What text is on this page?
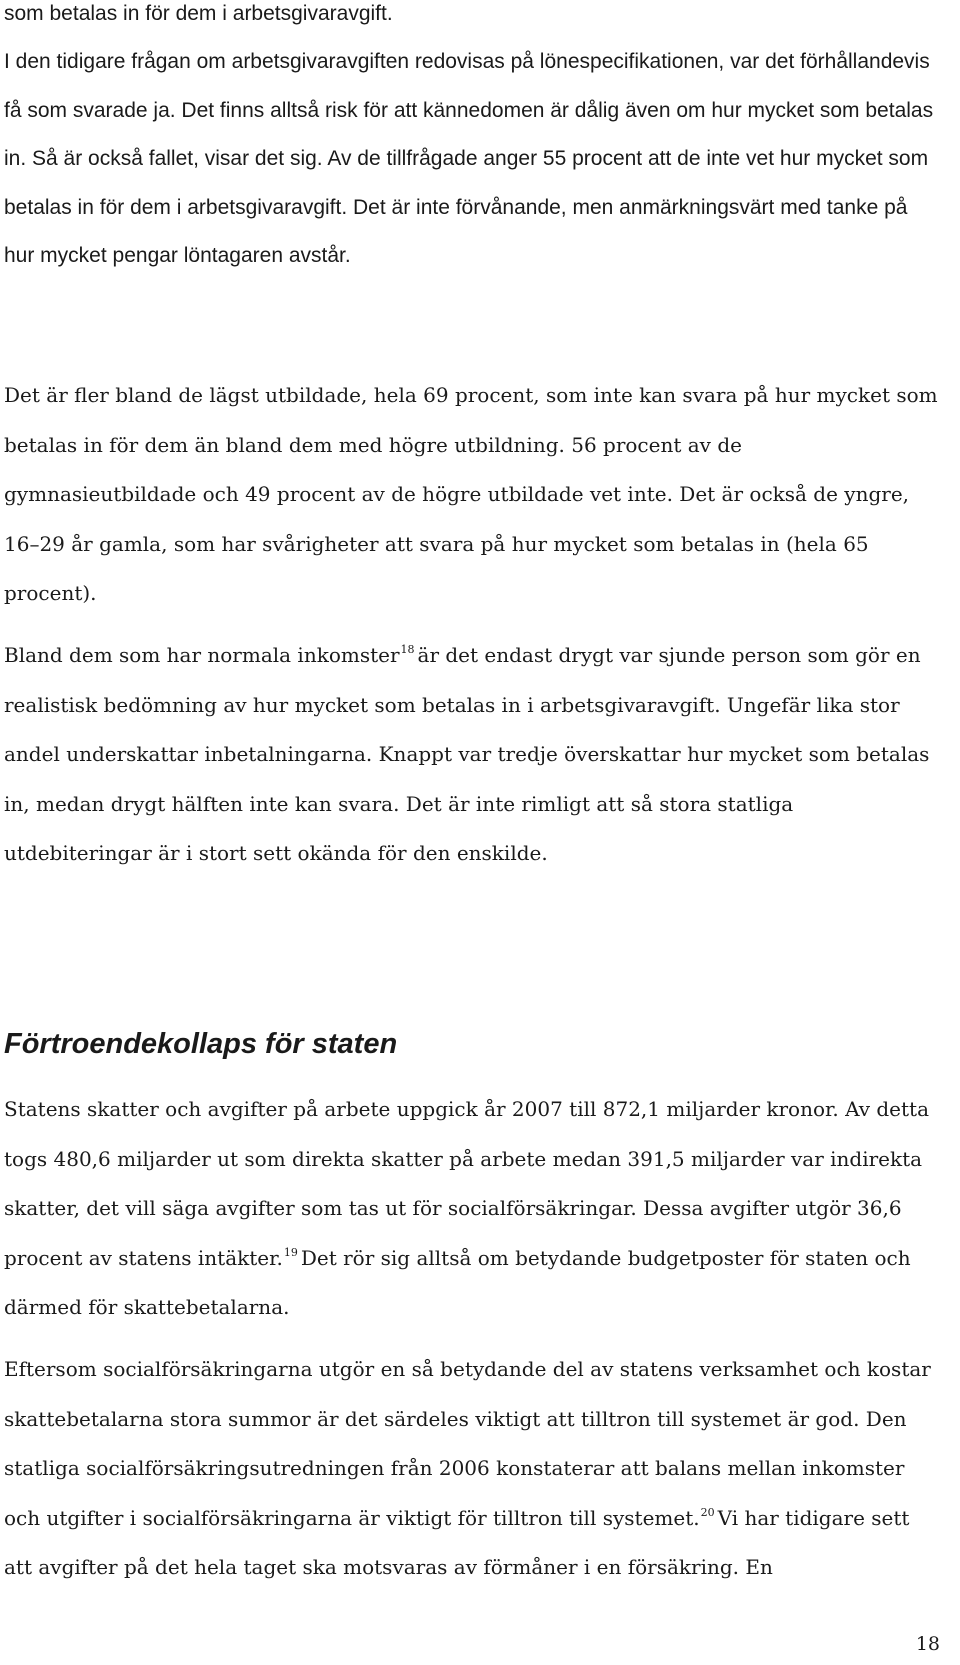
som betalas in för dem i arbetsgivaravgift.

I den tidigare frågan om arbetsgivaravgiften redovisas på lönespecifikationen, var det förhållandevis få som svarade ja. Det finns alltså risk för att kännedomen är dålig även om hur mycket som betalas in. Så är också fallet, visar det sig. Av de tillfrågade anger 55 procent att de inte vet hur mycket som betalas in för dem i arbetsgivaravgift. Det är inte förvånande, men anmärkningsvärt med tanke på hur mycket pengar löntagaren avstår.

Det är fler bland de lägst utbildade, hela 69 procent, som inte kan svara på hur mycket som betalas in för dem än bland dem med högre utbildning. 56 procent av de gymnasieutbildade och 49 procent av de högre utbildade vet inte. Det är också de yngre, 16–29 år gamla, som har svårigheter att svara på hur mycket som betalas in (hela 65 procent).

Bland dem som har normala inkomster$^{18}$ är det endast drygt var sjunde person som gör en realistisk bedömning av hur mycket som betalas in i arbetsgivaravgift. Ungefär lika stor andel underskattar inbetalningarna. Knappt var tredje överskattar hur mycket som betalas in, medan drygt hälften inte kan svara. Det är inte rimligt att så stora statliga utdebiteringar är i stort sett okända för den enskilde.

Förtroendekollaps för staten

Statens skatter och avgifter på arbete uppgick år 2007 till 872,1 miljarder kronor. Av detta togs 480,6 miljarder ut som direkta skatter på arbete medan 391,5 miljarder var indirekta skatter, det vill säga avgifter som tas ut för socialförsäkringar. Dessa avgifter utgör 36,6 procent av statens intäkter.$^{19}$ Det rör sig alltså om betydande budgetposter för staten och därmed för skattebetalarna.

Eftersom socialförsäkringarna utgör en så betydande del av statens verksamhet och kostar skattebetalarna stora summor är det särdeles viktigt att tilltron till systemet är god. Den statliga socialförsäkringsutredningen från 2006 konstaterar att balans mellan inkomster och utgifter i socialförsäkringarna är viktigt för tilltron till systemet.$^{20}$ Vi har tidigare sett att avgifter på det hela taget ska motsvaras av förmåner i en försäkring. En

18
